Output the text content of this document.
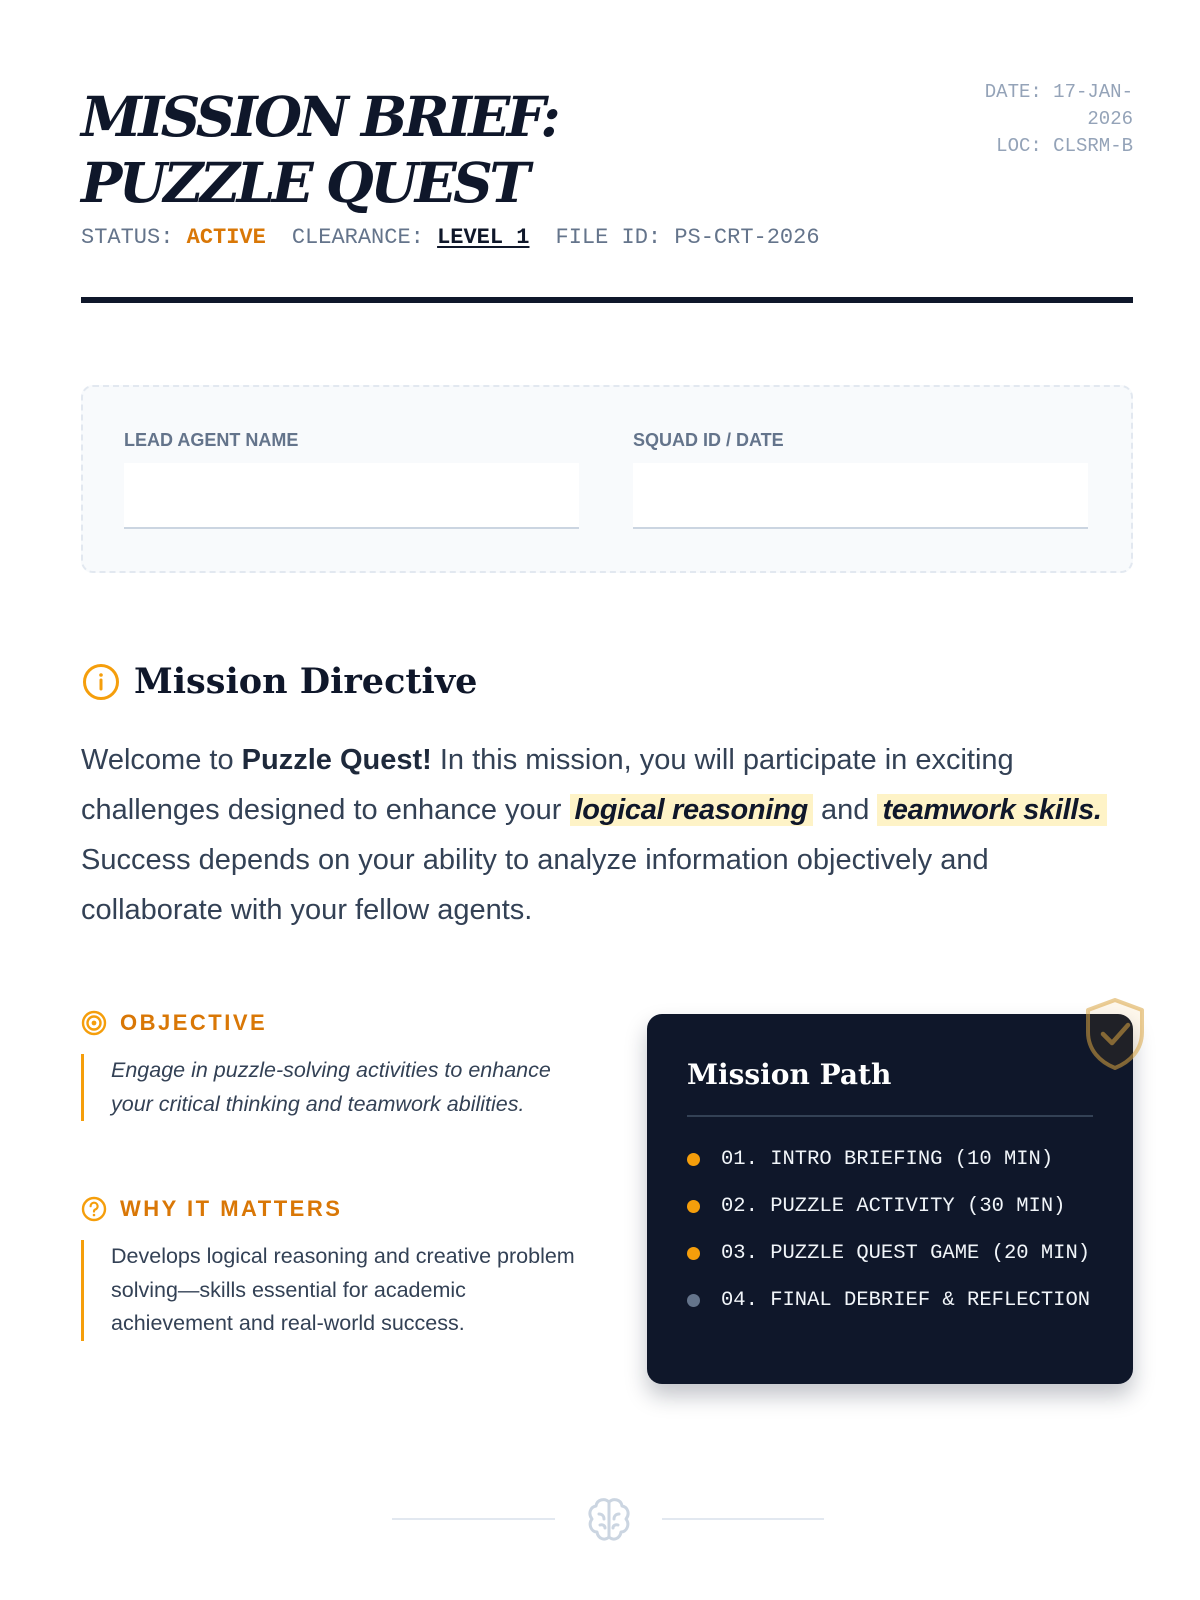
MISSION BRIEF: PUZZLE QUEST
DATE: 17-JAN-2026
LOC: CLSRM-B
STATUS: ACTIVE CLEARANCE: LEVEL 1 FILE ID: PS-CRT-2026
LEAD AGENT NAME	SQUAD ID / DATE
Mission Directive

Welcome to Puzzle Quest! In this mission, you will participate in exciting challenges designed to enhance your logical reasoning and teamwork skills. Success depends on your ability to analyze information objectively and collaborate with your fellow agents.

OBJECTIVE

Engage in puzzle-solving activities to enhance your critical thinking and teamwork abilities.

WHY IT MATTERS

Develops logical reasoning and creative problem solving—skills essential for academic achievement and real-world success.

Mission Path
01. INTRO BRIEFING (10 MIN)
02. PUZZLE ACTIVITY (30 MIN)
03. PUZZLE QUEST GAME (20 MIN)
04. FINAL DEBRIEF & REFLECTION
